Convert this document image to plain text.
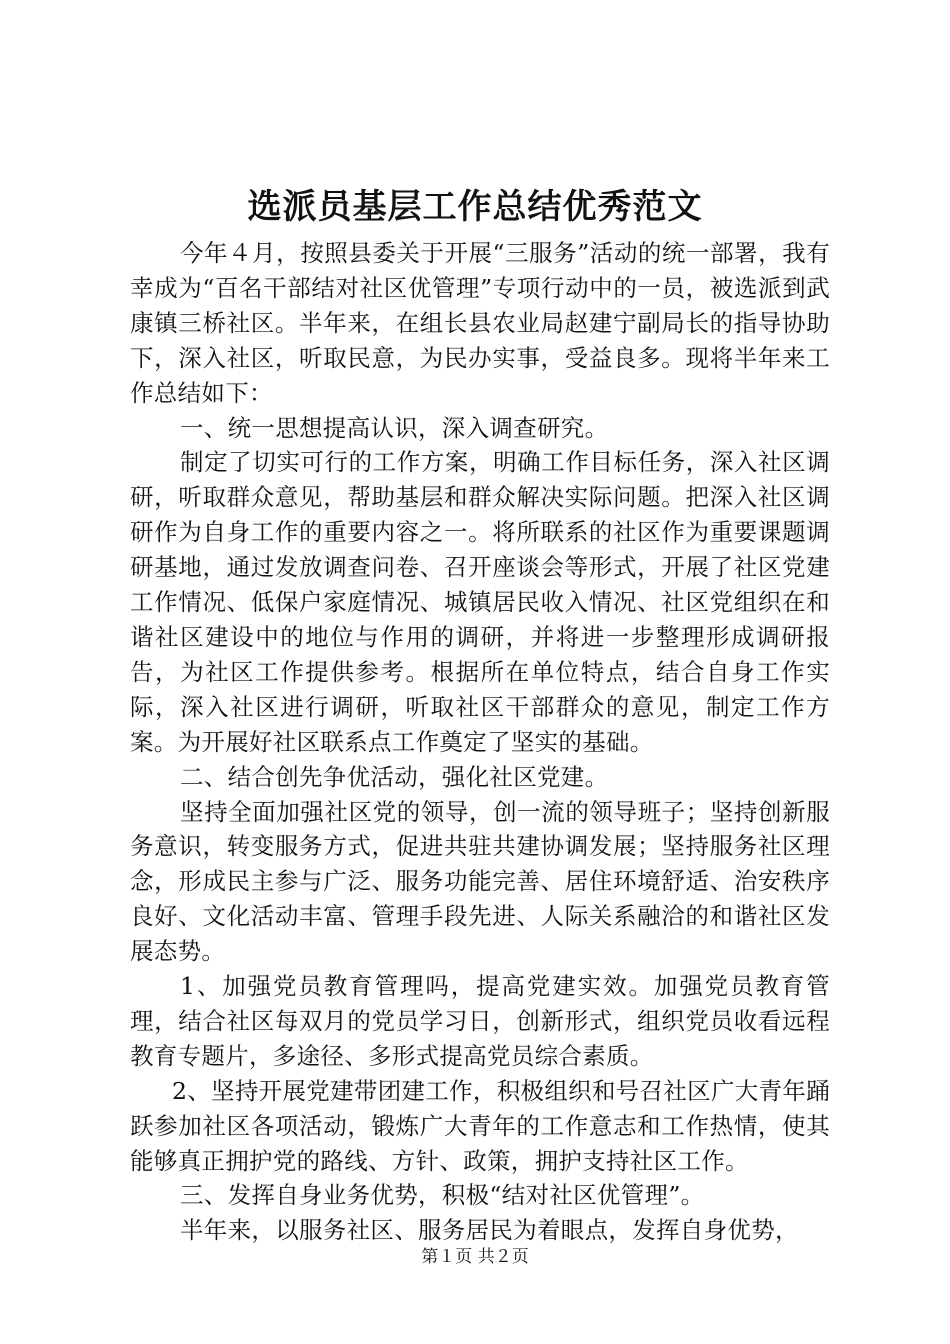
选派员基层工作总结优秀范文

今年４月，按照县委关于开展“三服务”活动的统一部署，我有幸成为“百名干部结对社区优管理”专项行动中的一员，被选派到武康镇三桥社区。半年来，在组长县农业局赵建宁副局长的指导协助下，深入社区，听取民意，为民办实事，受益良多。现将半年来工作总结如下：

一、统一思想提高认识，深入调查研究。

制定了切实可行的工作方案，明确工作目标任务，深入社区调研，听取群众意见，帮助基层和群众解决实际问题。把深入社区调研作为自身工作的重要内容之一。将所联系的社区作为重要课题调研基地，通过发放调查问卷、召开座谈会等形式，开展了社区党建工作情况、低保户家庭情况、城镇居民收入情况、社区党组织在和谐社区建设中的地位与作用的调研，并将进一步整理形成调研报告，为社区工作提供参考。根据所在单位特点，结合自身工作实际，深入社区进行调研，听取社区干部群众的意见，制定工作方案。为开展好社区联系点工作奠定了坚实的基础。

二、结合创先争优活动，强化社区党建。

坚持全面加强社区党的领导，创一流的领导班子；坚持创新服务意识，转变服务方式，促进共驻共建协调发展；坚持服务社区理念，形成民主参与广泛、服务功能完善、居住环境舒适、治安秩序良好、文化活动丰富、管理手段先进、人际关系融洽的和谐社区发展态势。

1、加强党员教育管理吗，提高党建实效。加强党员教育管理，结合社区每双月的党员学习日，创新形式，组织党员收看远程教育专题片，多途径、多形式提高党员综合素质。

2、坚持开展党建带团建工作，积极组织和号召社区广大青年踊跃参加社区各项活动，锻炼广大青年的工作意志和工作热情，使其能够真正拥护党的路线、方针、政策，拥护支持社区工作。

三、发挥自身业务优势，积极“结对社区优管理”。

半年来，以服务社区、服务居民为着眼点，发挥自身优势，

第１页 共２页
